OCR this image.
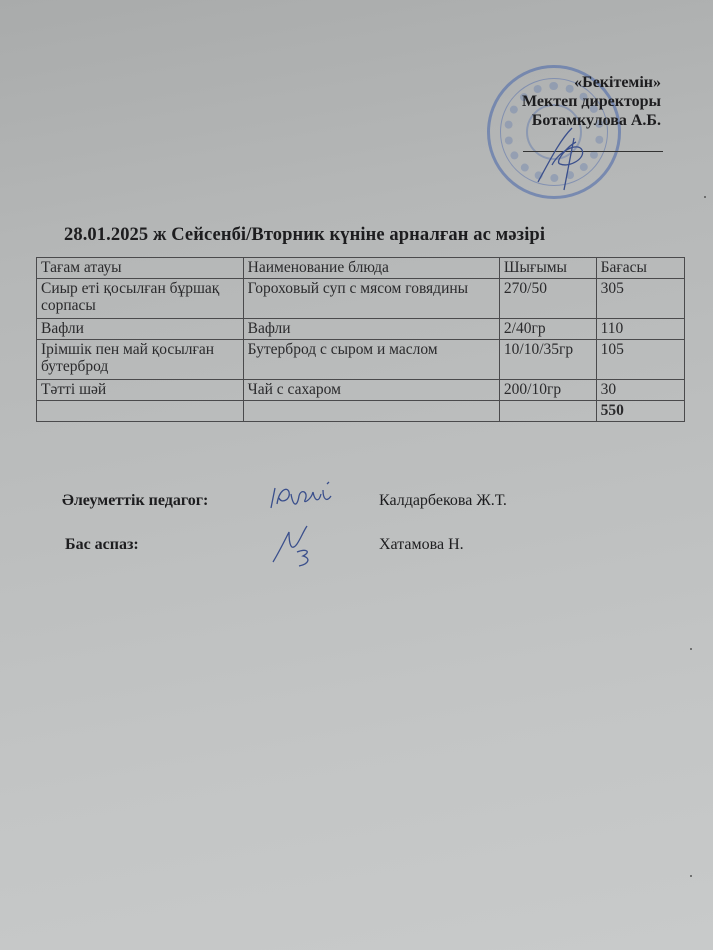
«Бекітемін»
Мектеп директоры
Ботамкулова А.Б.
28.01.2025 ж Сейсенбі/Вторник күніне арналған ас мәзірі
Тағам атауы	Наименование блюда	Шығымы	Бағасы
Сиыр еті қосылған бұршақ сорпасы	Гороховый суп с мясом говядины	270/50	305
Вафли	Вафли	2/40гр	110
Ірімшік пен май қосылған бутерброд	Бутерброд с сыром и маслом	10/10/35гр	105
Тәтті шәй	Чай с сахаром	200/10гр	30
			550
Әлеуметтік педагог:	Калдарбекова Ж.Т.
Бас аспаз:	Хатамова Н.
